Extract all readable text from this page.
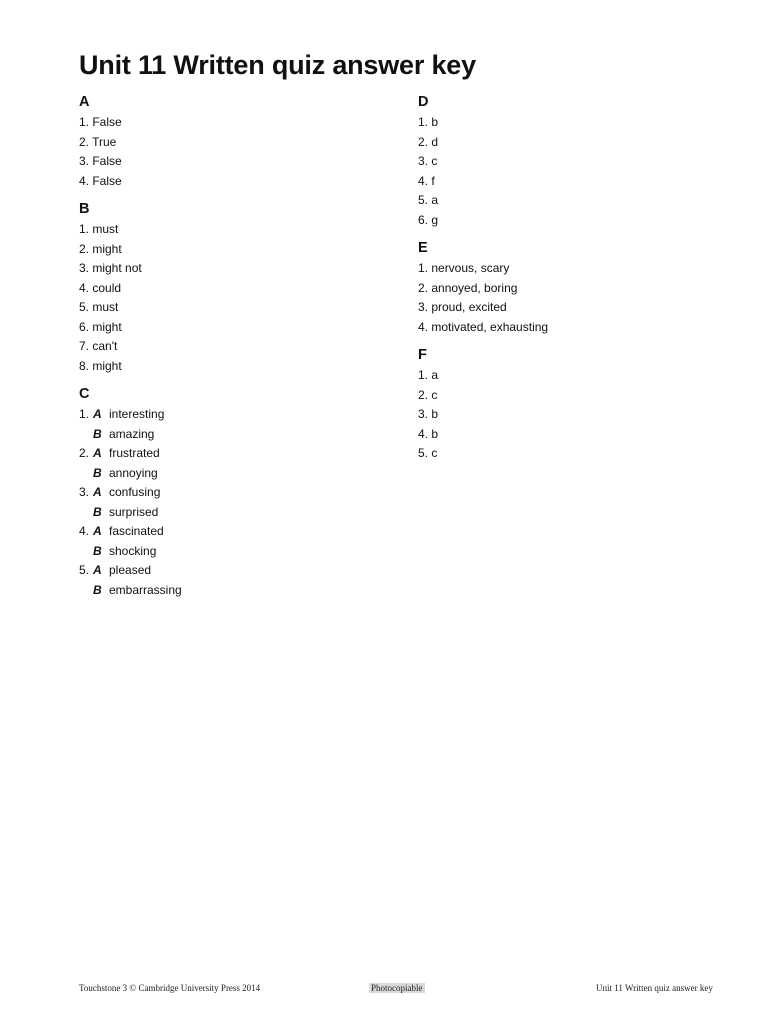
Unit 11 Written quiz answer key
A
1. False
2. True
3. False
4. False
B
1. must
2. might
3. might not
4. could
5. must
6. might
7. can't
8. might
C
1. A interesting
B amazing
2. A frustrated
B annoying
3. A confusing
B surprised
4. A fascinated
B shocking
5. A pleased
B embarrassing
D
1. b
2. d
3. c
4. f
5. a
6. g
E
1. nervous, scary
2. annoyed, boring
3. proud, excited
4. motivated, exhausting
F
1. a
2. c
3. b
4. b
5. c
Touchstone 3 © Cambridge University Press 2014	Photocopiable	Unit 11 Written quiz answer key
